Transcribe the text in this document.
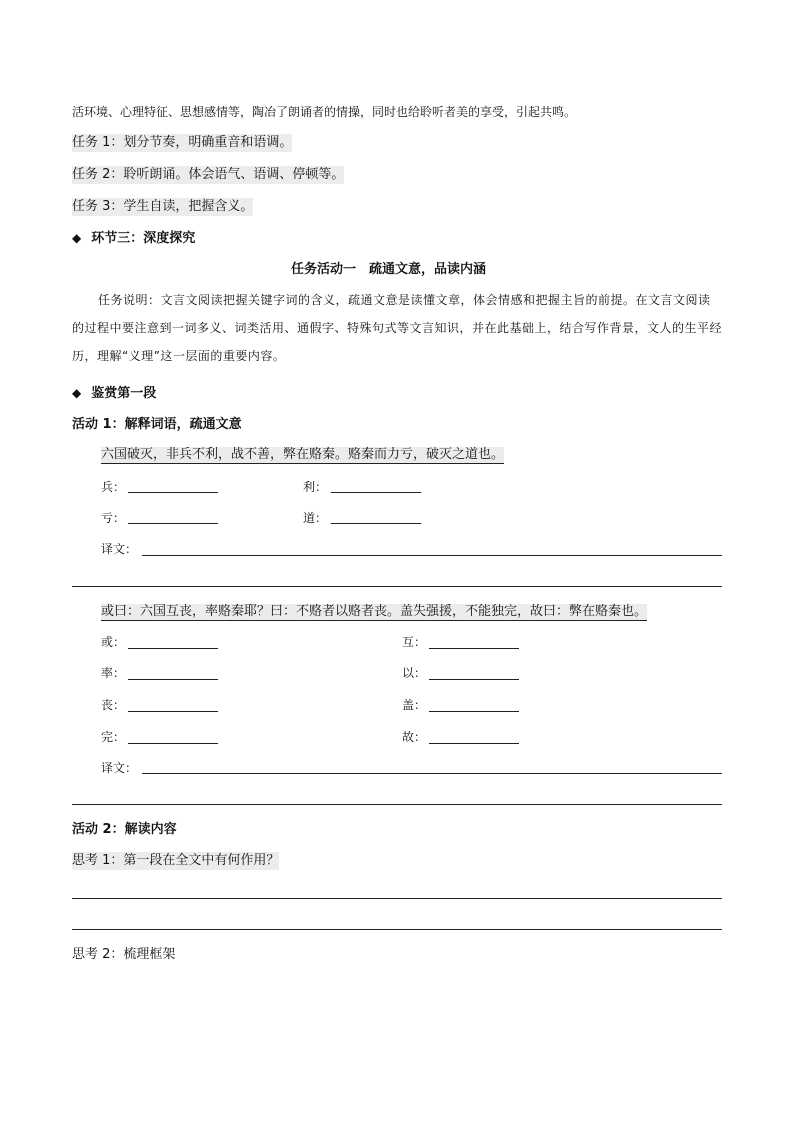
活环境、心理特征、思想感情等，陶冶了朗诵者的情操，同时也给聆听者美的享受，引起共鸣。
任务 1：划分节奏，明确重音和语调。
任务 2：聆听朗诵。体会语气、语调、停顿等。
任务 3：学生自读，把握含义。
◆ 环节三：深度探究
任务活动一　疏通文意，品读内涵
任务说明：文言文阅读把握关键字词的含义，疏通文意是读懂文章，体会情感和把握主旨的前提。在文言文阅读的过程中要注意到一词多义、词类活用、通假字、特殊句式等文言知识，并在此基础上，结合写作背景，文人的生平经历，理解“义理”这一层面的重要内容。
◆ 鉴赏第一段
活动 1：解释词语，疏通文意
六国破灭，非兵不利，战不善，弊在赂秦。赂秦而力亏，破灭之道也。
兵：	利：
亏：	道：
译文：
或曰：六国互丧，率赂秦耶？曰：不赂者以赂者丧。盖失强援，不能独完，故曰：弊在赂秦也。
或：	互：
率：	以：
丧：	盖：
完：	故：
译文：
活动 2：解读内容
思考 1：第一段在全文中有何作用？
思考 2：梳理框架
